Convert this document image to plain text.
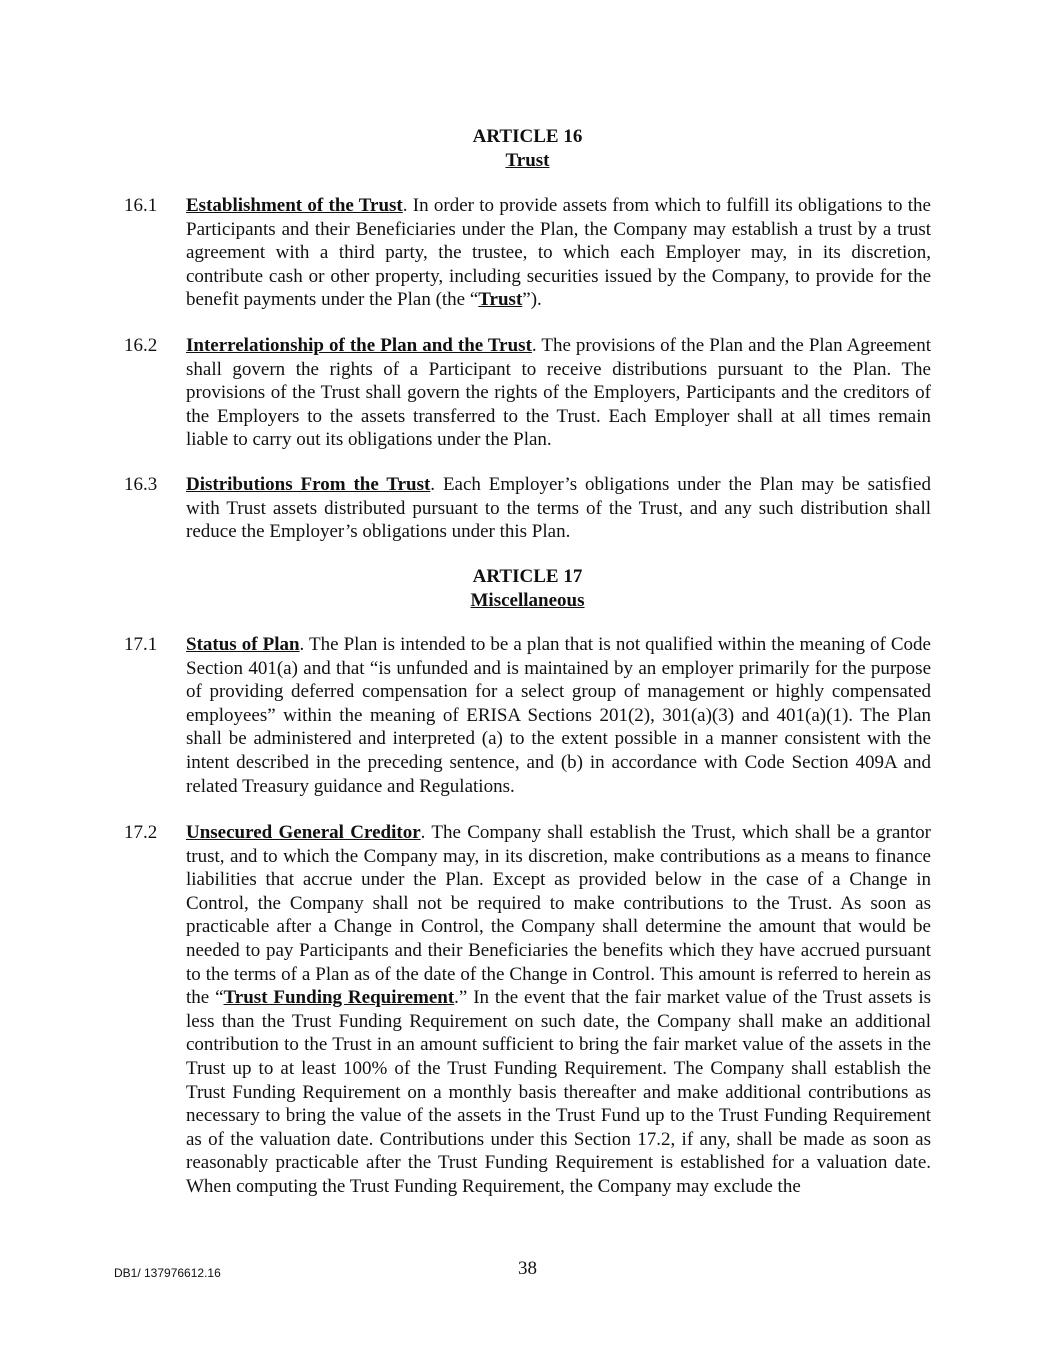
ARTICLE 16
Trust
16.1 Establishment of the Trust. In order to provide assets from which to fulfill its obligations to the Participants and their Beneficiaries under the Plan, the Company may establish a trust by a trust agreement with a third party, the trustee, to which each Employer may, in its discretion, contribute cash or other property, including securities issued by the Company, to provide for the benefit payments under the Plan (the “Trust”).
16.2 Interrelationship of the Plan and the Trust. The provisions of the Plan and the Plan Agreement shall govern the rights of a Participant to receive distributions pursuant to the Plan. The provisions of the Trust shall govern the rights of the Employers, Participants and the creditors of the Employers to the assets transferred to the Trust. Each Employer shall at all times remain liable to carry out its obligations under the Plan.
16.3 Distributions From the Trust. Each Employer’s obligations under the Plan may be satisfied with Trust assets distributed pursuant to the terms of the Trust, and any such distribution shall reduce the Employer’s obligations under this Plan.
ARTICLE 17
Miscellaneous
17.1 Status of Plan. The Plan is intended to be a plan that is not qualified within the meaning of Code Section 401(a) and that “is unfunded and is maintained by an employer primarily for the purpose of providing deferred compensation for a select group of management or highly compensated employees” within the meaning of ERISA Sections 201(2), 301(a)(3) and 401(a)(1). The Plan shall be administered and interpreted (a) to the extent possible in a manner consistent with the intent described in the preceding sentence, and (b) in accordance with Code Section 409A and related Treasury guidance and Regulations.
17.2 Unsecured General Creditor. The Company shall establish the Trust, which shall be a grantor trust, and to which the Company may, in its discretion, make contributions as a means to finance liabilities that accrue under the Plan. Except as provided below in the case of a Change in Control, the Company shall not be required to make contributions to the Trust. As soon as practicable after a Change in Control, the Company shall determine the amount that would be needed to pay Participants and their Beneficiaries the benefits which they have accrued pursuant to the terms of a Plan as of the date of the Change in Control. This amount is referred to herein as the “Trust Funding Requirement.” In the event that the fair market value of the Trust assets is less than the Trust Funding Requirement on such date, the Company shall make an additional contribution to the Trust in an amount sufficient to bring the fair market value of the assets in the Trust up to at least 100% of the Trust Funding Requirement. The Company shall establish the Trust Funding Requirement on a monthly basis thereafter and make additional contributions as necessary to bring the value of the assets in the Trust Fund up to the Trust Funding Requirement as of the valuation date. Contributions under this Section 17.2, if any, shall be made as soon as reasonably practicable after the Trust Funding Requirement is established for a valuation date. When computing the Trust Funding Requirement, the Company may exclude the
DB1/ 137976612.16	38
